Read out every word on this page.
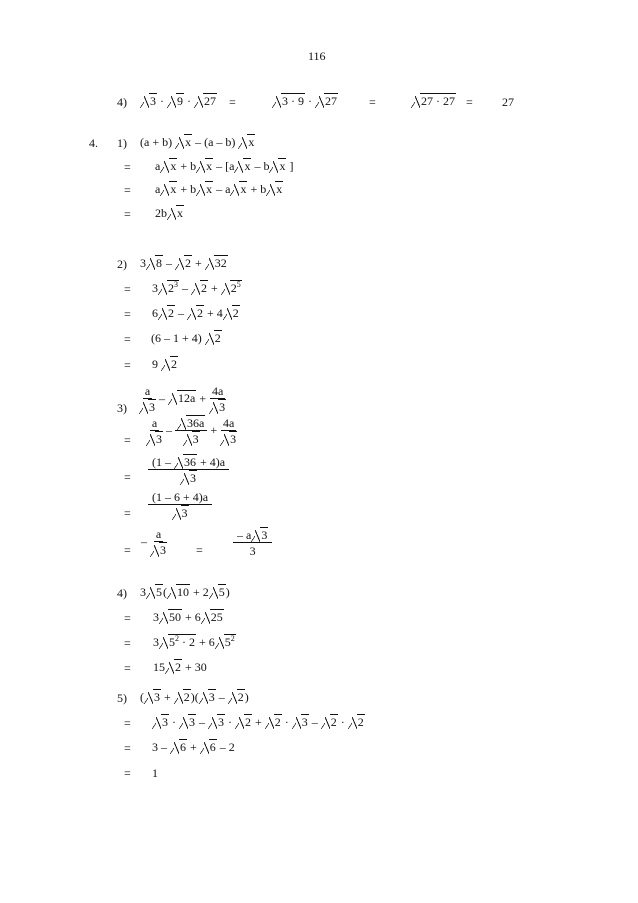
116
4)	3 · 9 · 27 =	3 · 9 · 27	=	27 · 27 = 27
4. 1) (a + b) x – (a – b) x
= a x + b x – [a x – b x ]
= a x + b x – a x + b x
= 2b x
2) 3 8 – 2 + 32
= 3 $2^3 - 2 + 2^5$
= 6 2 – 2 + 4 2
= (6 – 1 + 4) 2
= 9 2
$3) \frac{a}{3} - 12a + \frac{4a}{3}$
= $\frac{a}{3} - \frac{36a}{3} + \frac{4a}{3}$
= $\frac{(1 - 36 + 4)a}{3}$
= $\frac{(1 - 6 + 4)a}{3}$
=
– $\frac{a}{3}$ =	$\frac{- a 3}{3}$
4) 3 5( 10 + 2 5)
= 3 50 + 6 25
= 3 $5^2 \cdot 2 + 6$ $5^2$
= 15 2 + 30
5) ( 3 + 2)( 3 – 2)
=	3 · 3 – 3 · 2 + 2 · 3 – 2 · 2
= 3 – 6 + 6 – 2
= 1
